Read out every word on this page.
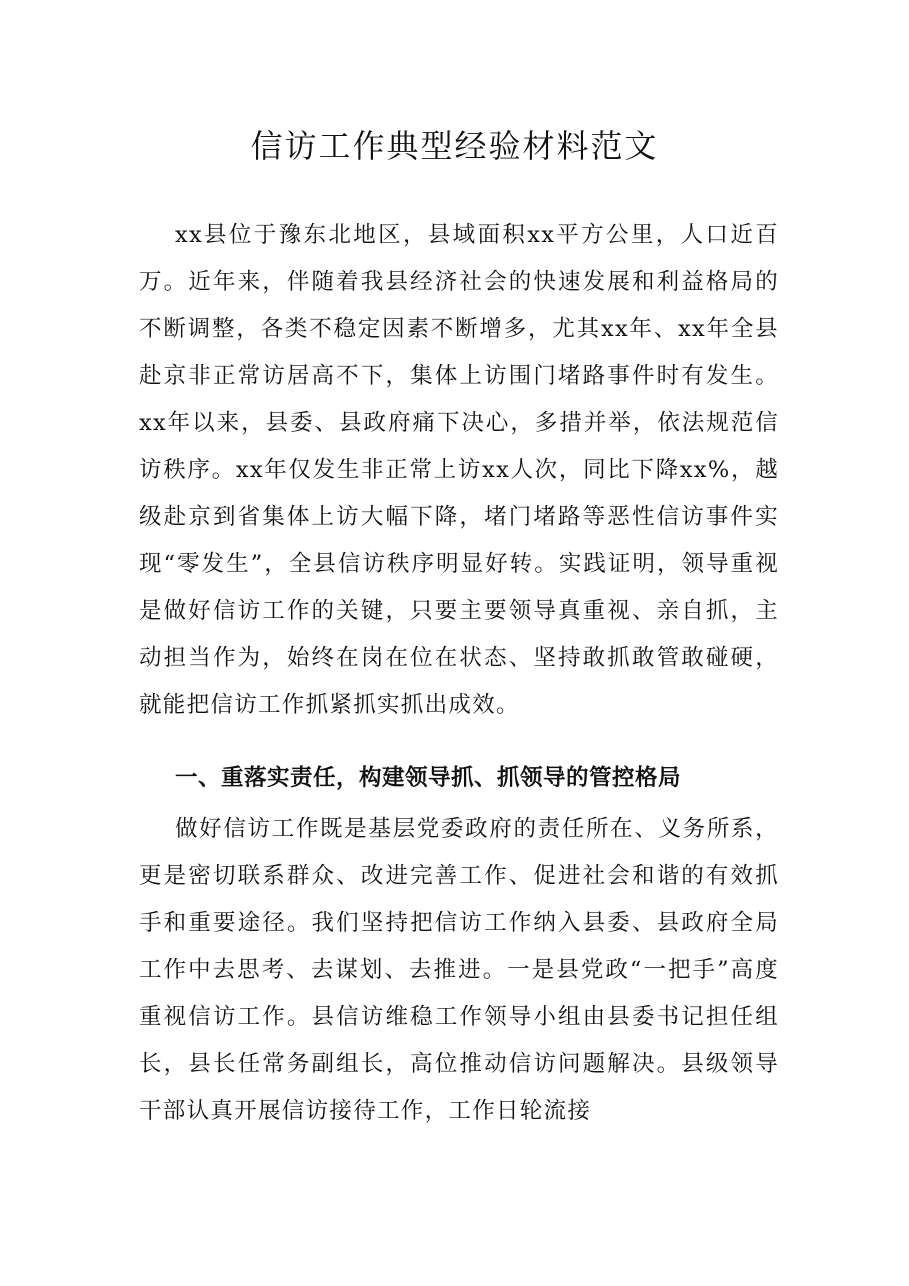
信访工作典型经验材料范文

xx县位于豫东北地区，县域面积xx平方公里，人口近百万。近年来，伴随着我县经济社会的快速发展和利益格局的不断调整，各类不稳定因素不断增多，尤其xx年、xx年全县赴京非正常访居高不下，集体上访围门堵路事件时有发生。xx年以来，县委、县政府痛下决心，多措并举，依法规范信访秩序。xx年仅发生非正常上访xx人次，同比下降xx%，越级赴京到省集体上访大幅下降，堵门堵路等恶性信访事件实现“零发生”，全县信访秩序明显好转。实践证明，领导重视是做好信访工作的关键，只要主要领导真重视、亲自抓，主动担当作为，始终在岗在位在状态、坚持敢抓敢管敢碰硬，就能把信访工作抓紧抓实抓出成效。

一、重落实责任，构建领导抓、抓领导的管控格局

做好信访工作既是基层党委政府的责任所在、义务所系，更是密切联系群众、改进完善工作、促进社会和谐的有效抓手和重要途径。我们坚持把信访工作纳入县委、县政府全局工作中去思考、去谋划、去推进。一是县党政“一把手”高度重视信访工作。县信访维稳工作领导小组由县委书记担任组长，县长任常务副组长，高位推动信访问题解决。县级领导干部认真开展信访接待工作，工作日轮流接
